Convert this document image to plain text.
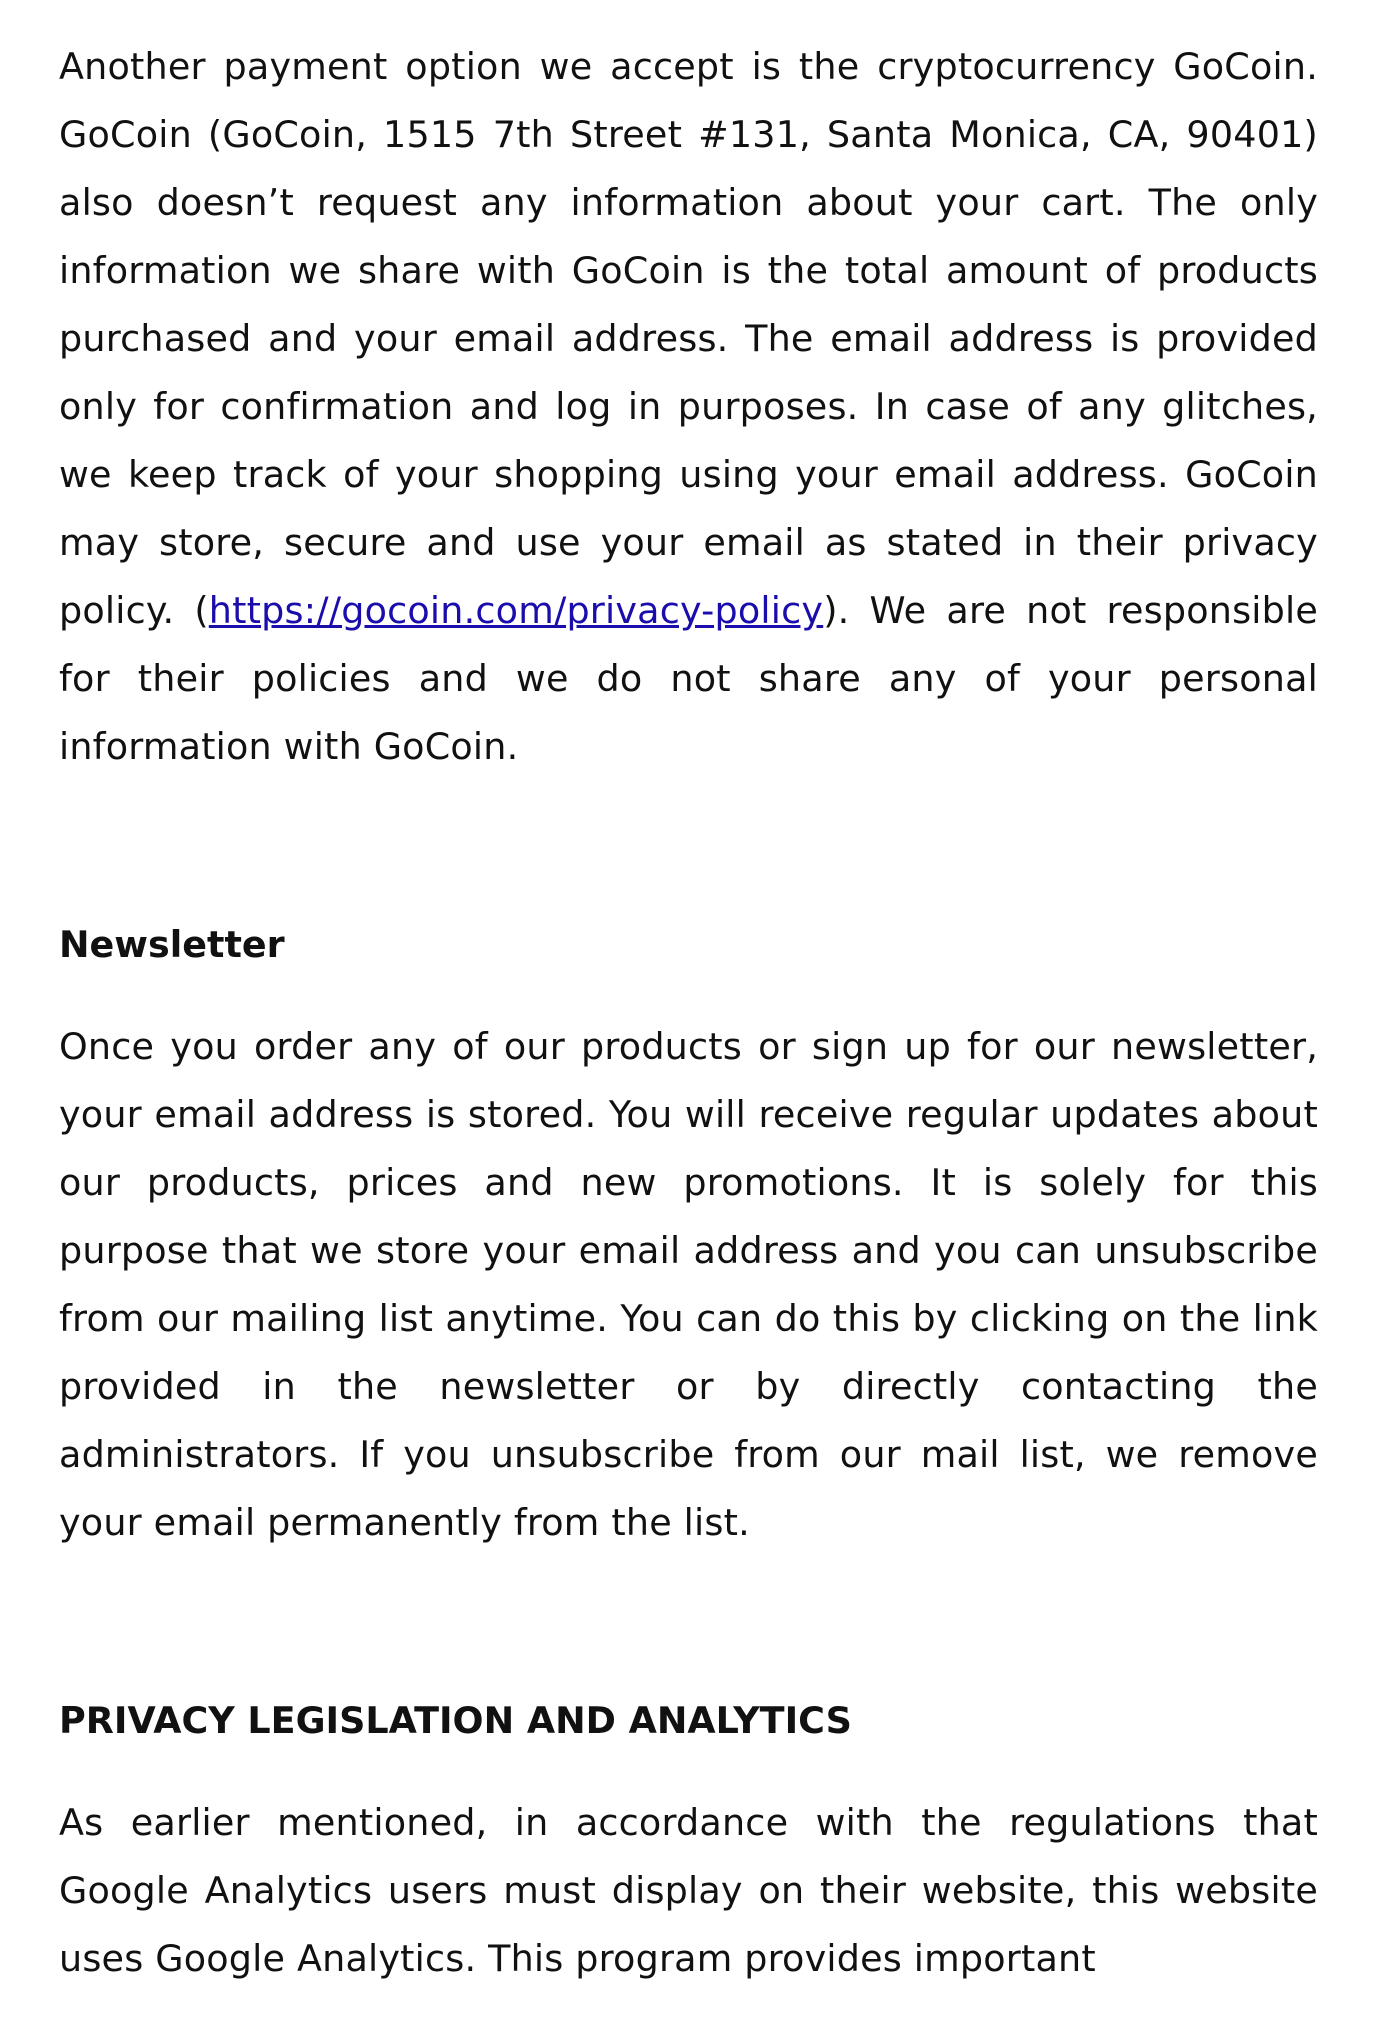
Another payment option we accept is the cryptocurrency GoCoin. GoCoin (GoCoin, 1515 7th Street #131, Santa Monica, CA, 90401) also doesn’t request any information about your cart. The only information we share with GoCoin is the total amount of products purchased and your email address. The email address is provided only for confirmation and log in purposes. In case of any glitches, we keep track of your shopping using your email address. GoCoin may store, secure and use your email as stated in their privacy policy. (https://gocoin.com/privacy-policy). We are not responsible for their policies and we do not share any of your personal information with GoCoin.

Newsletter

Once you order any of our products or sign up for our newsletter, your email address is stored. You will receive regular updates about our products, prices and new promotions. It is solely for this purpose that we store your email address and you can unsubscribe from our mailing list anytime. You can do this by clicking on the link provided in the newsletter or by directly contacting the administrators. If you unsubscribe from our mail list, we remove your email permanently from the list.

PRIVACY LEGISLATION AND ANALYTICS

As earlier mentioned, in accordance with the regulations that Google Analytics users must display on their website, this website uses Google Analytics. This program provides important
